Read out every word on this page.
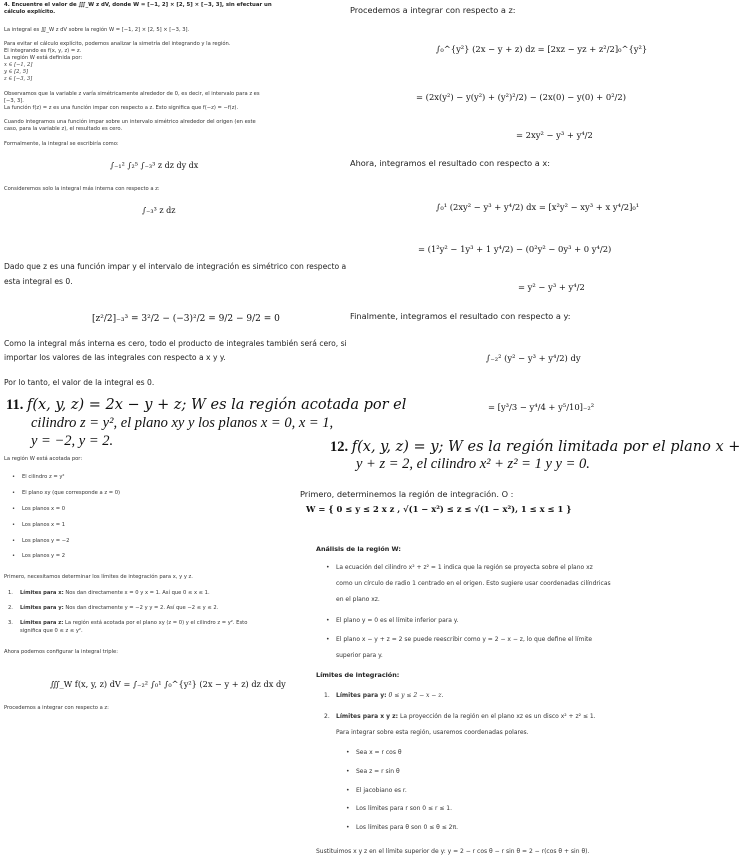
4. Encuentre el valor de ∭_W z dV, donde W = [−1, 2] × [2, 5] × [−3, 3], sin efectuar un
cálculo explícito.
La integral es ∭_W z dV sobre la región W = [−1, 2] × [2, 5] × [−3, 3].
Para evitar el cálculo explícito, podemos analizar la simetría del integrando y la región.
El integrando es f(x, y, z) = z.
La región W está definida por:
x ∈ [−1, 2]
y ∈ [2, 5]
z ∈ [−3, 3]
Observamos que la variable z varía simétricamente alrededor de 0, es decir, el intervalo para z es
[−3, 3].
La función f(z) = z es una función impar con respecto a z. Esto significa que f(−z) = −f(z).
Cuando integramos una función impar sobre un intervalo simétrico alrededor del origen (en este
caso, para la variable z), el resultado es cero.
Formalmente, la integral se escribiría como:
∫₋₁² ∫₂⁵ ∫₋₃³ z dz dy dx
Consideremos solo la integral más interna con respecto a z:
∫₋₃³ z dz
Dado que z es una función impar y el intervalo de integración es simétrico con respecto a
esta integral es 0.
[z²/2]₋₃³ = 3²/2 − (−3)²/2 = 9/2 − 9/2 = 0
Como la integral más interna es cero, todo el producto de integrales también será cero, si
importar los valores de las integrales con respecto a x y y.
Por lo tanto, el valor de la integral es 0.
11. f(x, y, z) = 2x − y + z; W es la región acotada por el
cilindro z = y², el plano xy y los planos x = 0, x = 1,
y = −2, y = 2.
La región W está acotada por:
• El cilindro z = y²
• El plano xy (que corresponde a z = 0)
• Los planos x = 0
• Los planos x = 1
• Los planos y = −2
• Los planos y = 2
Primero, necesitamos determinar los límites de integración para x, y y z.
1. Límites para x: Nos dan directamente x = 0 y x = 1. Así que 0 ≤ x ≤ 1.
2. Límites para y: Nos dan directamente y = −2 y y = 2. Así que −2 ≤ y ≤ 2.
3. Límites para z: La región está acotada por el plano xy (z = 0) y el cilindro z = y². Esto
significa que 0 ≤ z ≤ y².
Ahora podemos configurar la integral triple:
∭_W f(x, y, z) dV = ∫₋₂² ∫₀¹ ∫₀^{y²} (2x − y + z) dz dx dy
Procedemos a integrar con respecto a z:
Procedemos a integrar con respecto a z:
∫₀^{y²} (2x − y + z) dz = [2xz − yz + z²/2]₀^{y²}
= (2x(y²) − y(y²) + (y²)²/2) − (2x(0) − y(0) + 0²/2)
= 2xy² − y³ + y⁴/2
Ahora, integramos el resultado con respecto a x:
∫₀¹ (2xy² − y³ + y⁴/2) dx = [x²y² − xy³ + x y⁴/2]₀¹
= (1²y² − 1y³ + 1 y⁴/2) − (0²y² − 0y³ + 0 y⁴/2)
= y² − y³ + y⁴/2
Finalmente, integramos el resultado con respecto a y:
∫₋₂² (y² − y³ + y⁴/2) dy
= [y³/3 − y⁴/4 + y⁵/10]₋₂²
12. f(x, y, z) = y; W es la región limitada por el plano x +
y + z = 2, el cilindro x² + z² = 1 y y = 0.
Primero, determinemos la región de integración. O :
W = { 0 ≤ y ≤ 2 x z , √(1 − x²) ≤ z ≤ √(1 − x²), 1 ≤ x ≤ 1 }
Análisis de la región W:
• La ecuación del cilindro x² + z² = 1 indica que la región se proyecta sobre el plano xz
como un círculo de radio 1 centrado en el origen. Esto sugiere usar coordenadas cilíndricas
en el plano xz.
• El plano y = 0 es el límite inferior para y.
• El plano x − y + z = 2 se puede reescribir como y = 2 − x − z, lo que define el límite
superior para y.
Límites de integración:
1. Límites para y: 0 ≤ y ≤ 2 − x − z.
2. Límites para x y z: La proyección de la región en el plano xz es un disco x² + z² ≤ 1.
Para integrar sobre esta región, usaremos coordenadas polares.
• Sea x = r cos θ
• Sea z = r sin θ
• El jacobiano es r.
• Los límites para r son 0 ≤ r ≤ 1.
• Los límites para θ son 0 ≤ θ ≤ 2π.
Sustituimos x y z en el límite superior de y: y = 2 − r cos θ − r sin θ = 2 − r(cos θ + sin θ).
